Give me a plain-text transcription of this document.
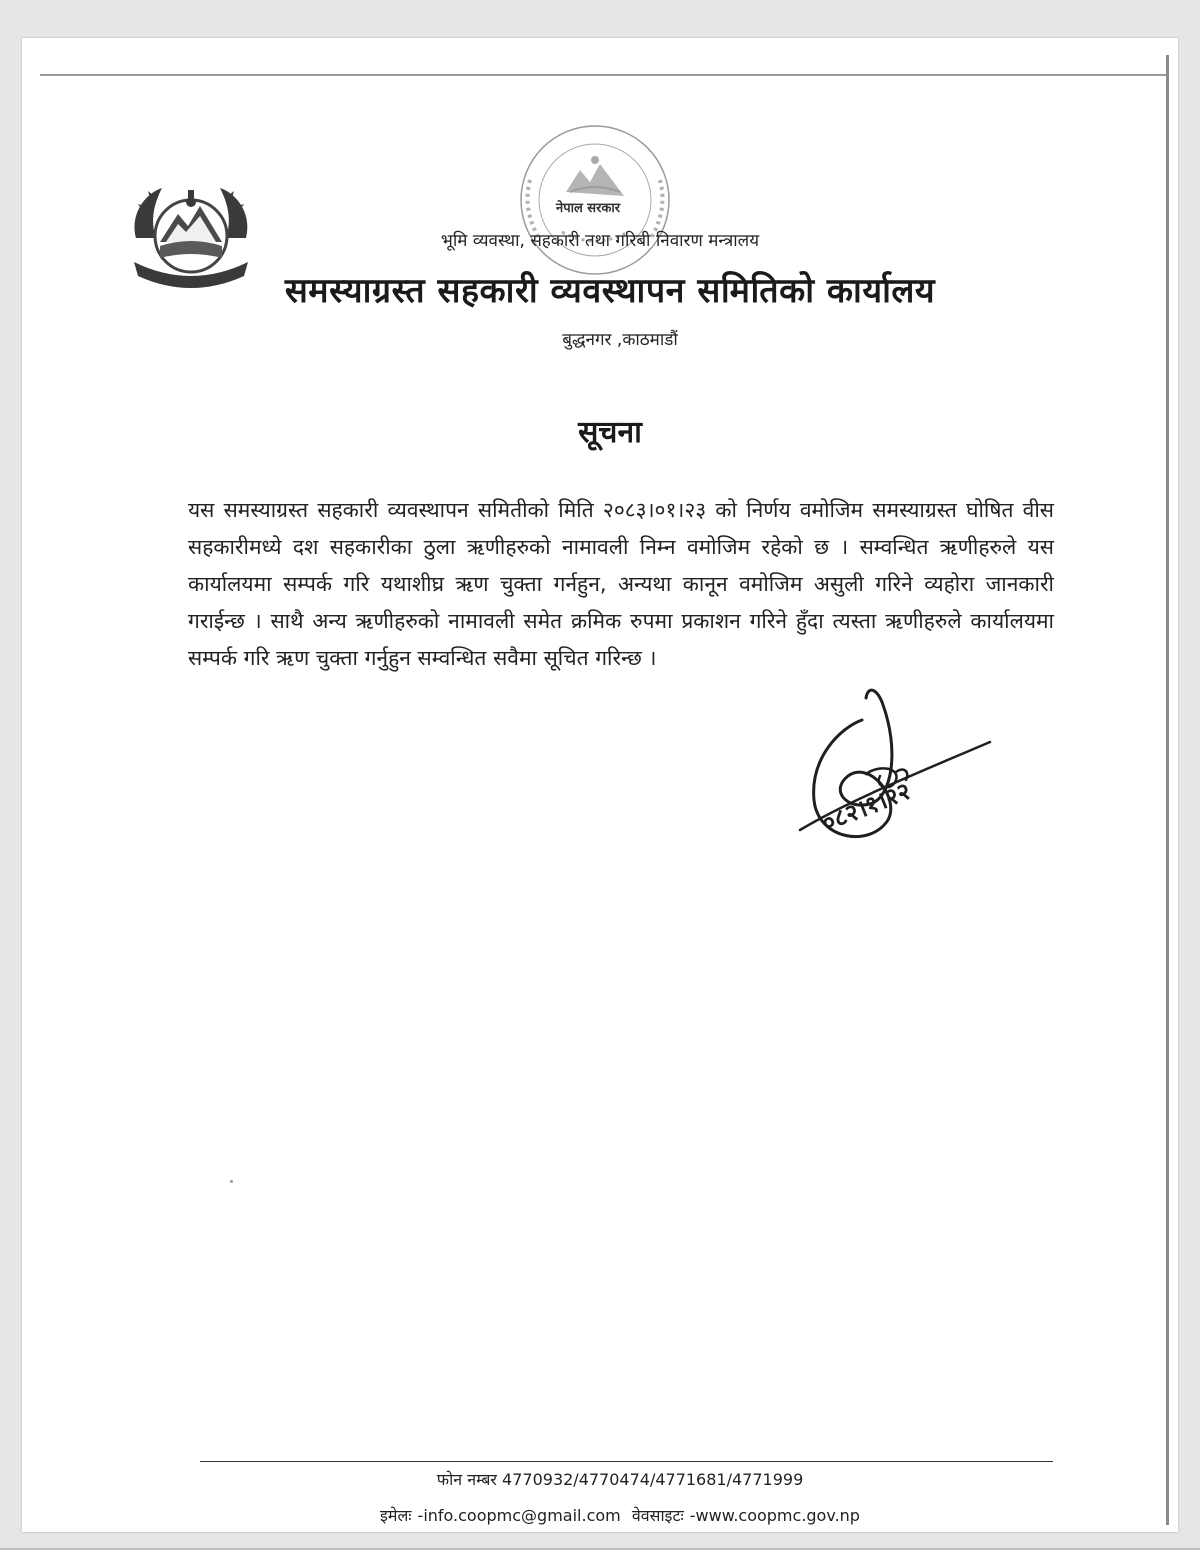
नेपाल सरकार
भूमि व्यवस्था, सहकारी तथा गरिबी निवारण मन्त्रालय
समस्याग्रस्त सहकारी व्यवस्थापन समितिको कार्यालय
बुद्धनगर ,काठमाडौं
सूचना
यस समस्याग्रस्त सहकारी व्यवस्थापन समितीको मिति २०८३।०१।२३ को निर्णय वमोजिम समस्याग्रस्त घोषित वीस सहकारीमध्ये दश सहकारीका ठुला ऋणीहरुको नामावली निम्न वमोजिम रहेको छ । सम्वन्धित ऋणीहरुले यस कार्यालयमा सम्पर्क गरि यथाशीघ्र ऋण चुक्ता गर्नहुन, अन्यथा कानून वमोजिम असुली गरिने व्यहोरा जानकारी गराईन्छ । साथै अन्य ऋणीहरुको नामावली समेत क्रमिक रुपमा प्रकाशन गरिने हुँदा त्यस्ता ऋणीहरुले कार्यालयमा सम्पर्क गरि ऋण चुक्ता गर्नुहुन सम्वन्धित सवैमा सूचित गरिन्छ ।
०८२।१।२२
फोन नम्बर 4770932/4770474/4771681/4771999
इमेलः -info.coopmc@gmail.com वेवसाइटः -www.coopmc.gov.np
